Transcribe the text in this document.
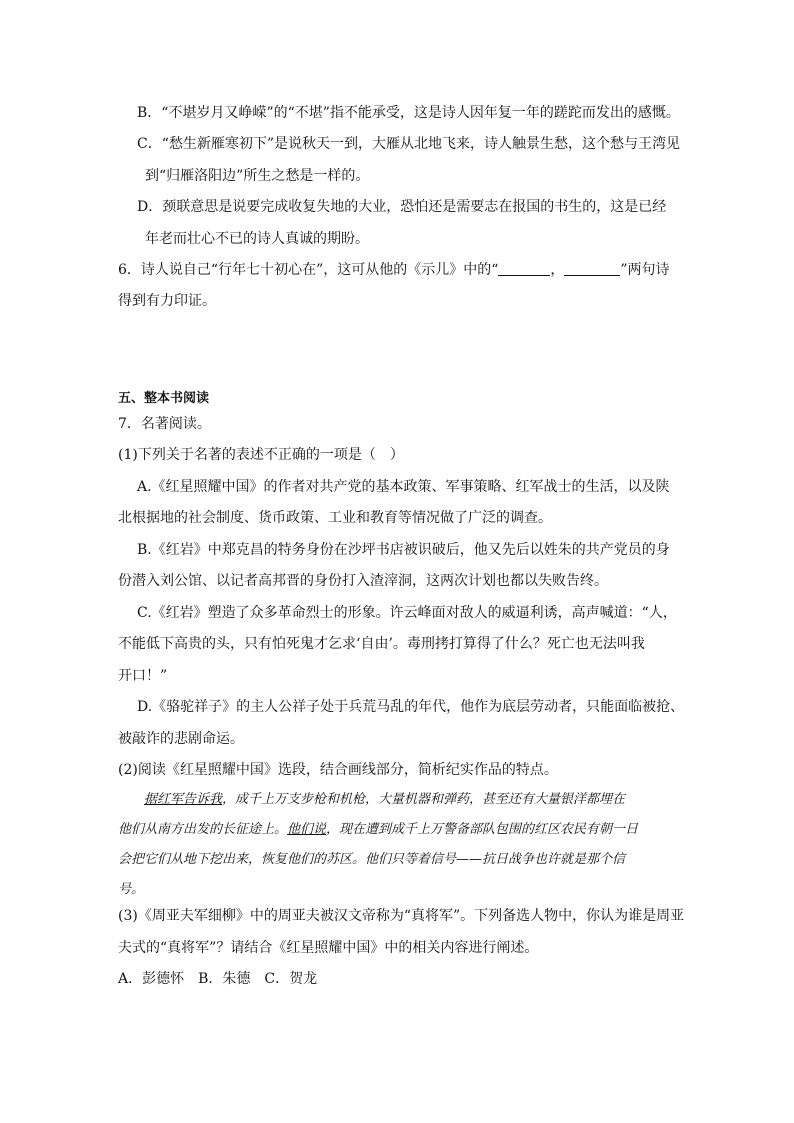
B．“不堪岁月又峥嵘”的“不堪”指不能承受，这是诗人因年复一年的蹉跎而发出的感慨。
C．“愁生新雁寒初下”是说秋天一到，大雁从北地飞来，诗人触景生愁，这个愁与王湾见
到“归雁洛阳边”所生之愁是一样的。
D．颈联意思是说要完成收复失地的大业，恐怕还是需要志在报国的书生的，这是已经
年老而壮心不已的诗人真诚的期盼。
6．诗人说自己“行年七十初心在”，这可从他的《示儿》中的“	，	”两句诗
得到有力印证。
五、整本书阅读
7．名著阅读。
(1)下列关于名著的表述不正确的一项是（　）
A.《红星照耀中国》的作者对共产党的基本政策、军事策略、红军战士的生活，以及陕
北根据地的社会制度、货币政策、工业和教育等情况做了广泛的调查。
B.《红岩》中郑克昌的特务身份在沙坪书店被识破后，他又先后以姓朱的共产党员的身
份潜入刘公馆、以记者高邦晋的身份打入渣滓洞，这两次计划也都以失败告终。
C.《红岩》塑造了众多革命烈士的形象。许云峰面对敌人的威逼利诱，高声喊道：“人，
不能低下高贵的头，只有怕死鬼才乞求‘自由’。毒刑拷打算得了什么？死亡也无法叫我
开口！”
D.《骆驼祥子》的主人公祥子处于兵荒马乱的年代，他作为底层劳动者，只能面临被抢、
被敲诈的悲剧命运。
(2)阅读《红星照耀中国》选段，结合画线部分，简析纪实作品的特点。
据红军告诉我，成千上万支步枪和机枪，大量机器和弹药，甚至还有大量银洋都埋在
他们从南方出发的长征途上。他们说，现在遭到成千上万警备部队包围的红区农民有朝一日
会把它们从地下挖出来，恢复他们的苏区。他们只等着信号——抗日战争也许就是那个信
号。
(3)《周亚夫军细柳》中的周亚夫被汉文帝称为“真将军”。下列备选人物中，你认为谁是周亚
夫式的“真将军”？请结合《红星照耀中国》中的相关内容进行阐述。
A．彭德怀　B．朱德　C．贺龙
